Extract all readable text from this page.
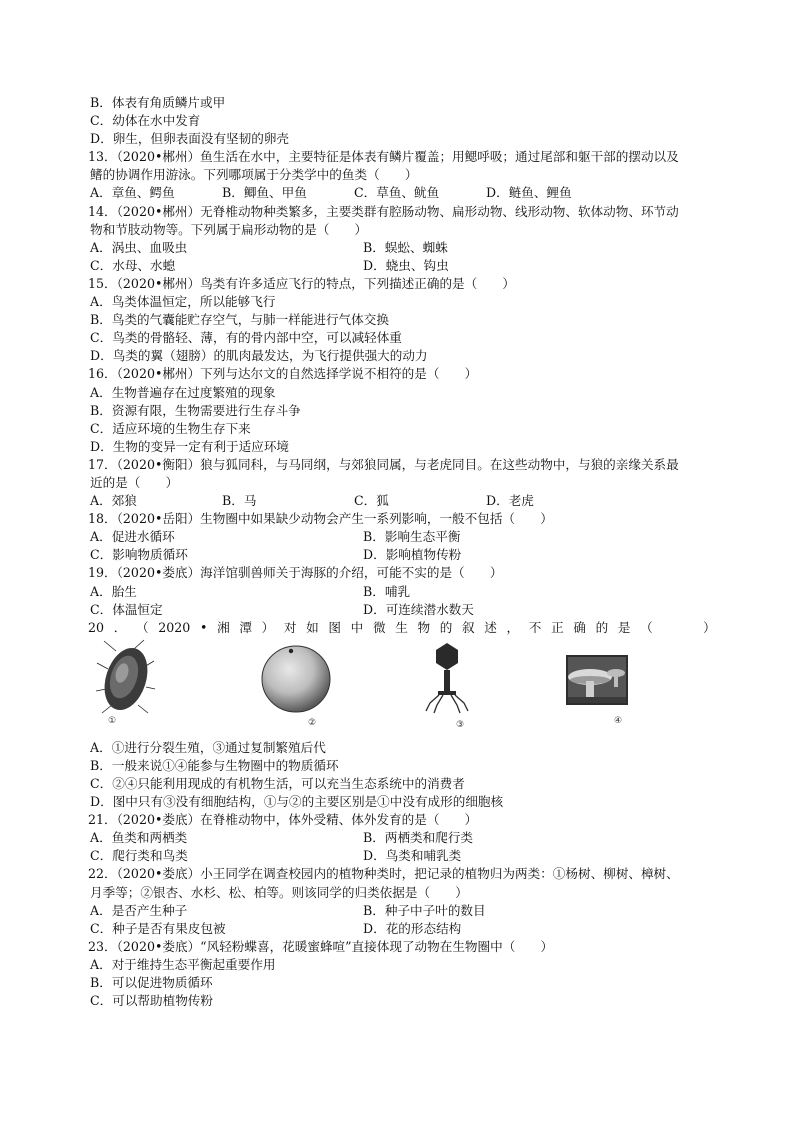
B．体表有角质鳞片或甲
C．幼体在水中发育
D．卵生，但卵表面没有坚韧的卵壳
13．（2020•郴州）鱼生活在水中，主要特征是体表有鳞片覆盖；用鳃呼吸；通过尾部和躯干部的摆动以及
鳍的协调作用游泳。下列哪项属于分类学中的鱼类（　　）
A．章鱼、鳄鱼	B．鲫鱼、甲鱼	C．草鱼、鱿鱼	D．鲢鱼、鲤鱼
14．（2020•郴州）无脊椎动物种类繁多，主要类群有腔肠动物、扁形动物、线形动物、软体动物、环节动
物和节肢动物等。下列属于扁形动物的是（　　）
A．涡虫、血吸虫	B．蜈蚣、蜘蛛
C．水母、水螅	D．蛲虫、钩虫
15．（2020•郴州）鸟类有许多适应飞行的特点，下列描述正确的是（　　）
A．鸟类体温恒定，所以能够飞行
B．鸟类的气囊能贮存空气，与肺一样能进行气体交换
C．鸟类的骨骼轻、薄，有的骨内部中空，可以减轻体重
D．鸟类的翼（翅膀）的肌肉最发达，为飞行提供强大的动力
16．（2020•郴州）下列与达尔文的自然选择学说不相符的是（　　）
A．生物普遍存在过度繁殖的现象
B．资源有限，生物需要进行生存斗争
C．适应环境的生物生存下来
D．生物的变异一定有利于适应环境
17．（2020•衡阳）狼与狐同科，与马同纲，与郊狼同属，与老虎同目。在这些动物中，与狼的亲缘关系最
近的是（　　）
A．郊狼	B．马	C．狐	D．老虎
18．（2020•岳阳）生物圈中如果缺少动物会产生一系列影响，一般不包括（　　）
A．促进水循环	B．影响生态平衡
C．影响物质循环	D．影响植物传粉
19．（2020•娄底）海洋馆驯兽师关于海豚的介绍，可能不实的是（　　）
A．胎生	B．哺乳
C．体温恒定	D．可连续潜水数天
20 ． （ 2020 • 湘 潭 ） 对 如 图 中 微 生 物 的 叙 述 ， 不 正 确 的 是 （　　　　）
①	②	③	④
A．①进行分裂生殖，③通过复制繁殖后代
B．一般来说①④能参与生物圈中的物质循环
C．②④只能利用现成的有机物生活，可以充当生态系统中的消费者
D．图中只有③没有细胞结构，①与②的主要区别是①中没有成形的细胞核
21．（2020•娄底）在脊椎动物中，体外受精、体外发育的是（　　）
A．鱼类和两栖类	B．两栖类和爬行类
C．爬行类和鸟类	D．鸟类和哺乳类
22．（2020•娄底）小王同学在调查校园内的植物种类时，把记录的植物归为两类：①杨树、柳树、樟树、
月季等；②银杏、水杉、松、柏等。则该同学的归类依据是（　　）
A．是否产生种子	B．种子中子叶的数目
C．种子是否有果皮包被	D．花的形态结构
23．（2020•娄底）“风轻粉蝶喜，花暖蜜蜂喧”直接体现了动物在生物圈中（　　）
A．对于维持生态平衡起重要作用
B．可以促进物质循环
C．可以帮助植物传粉
